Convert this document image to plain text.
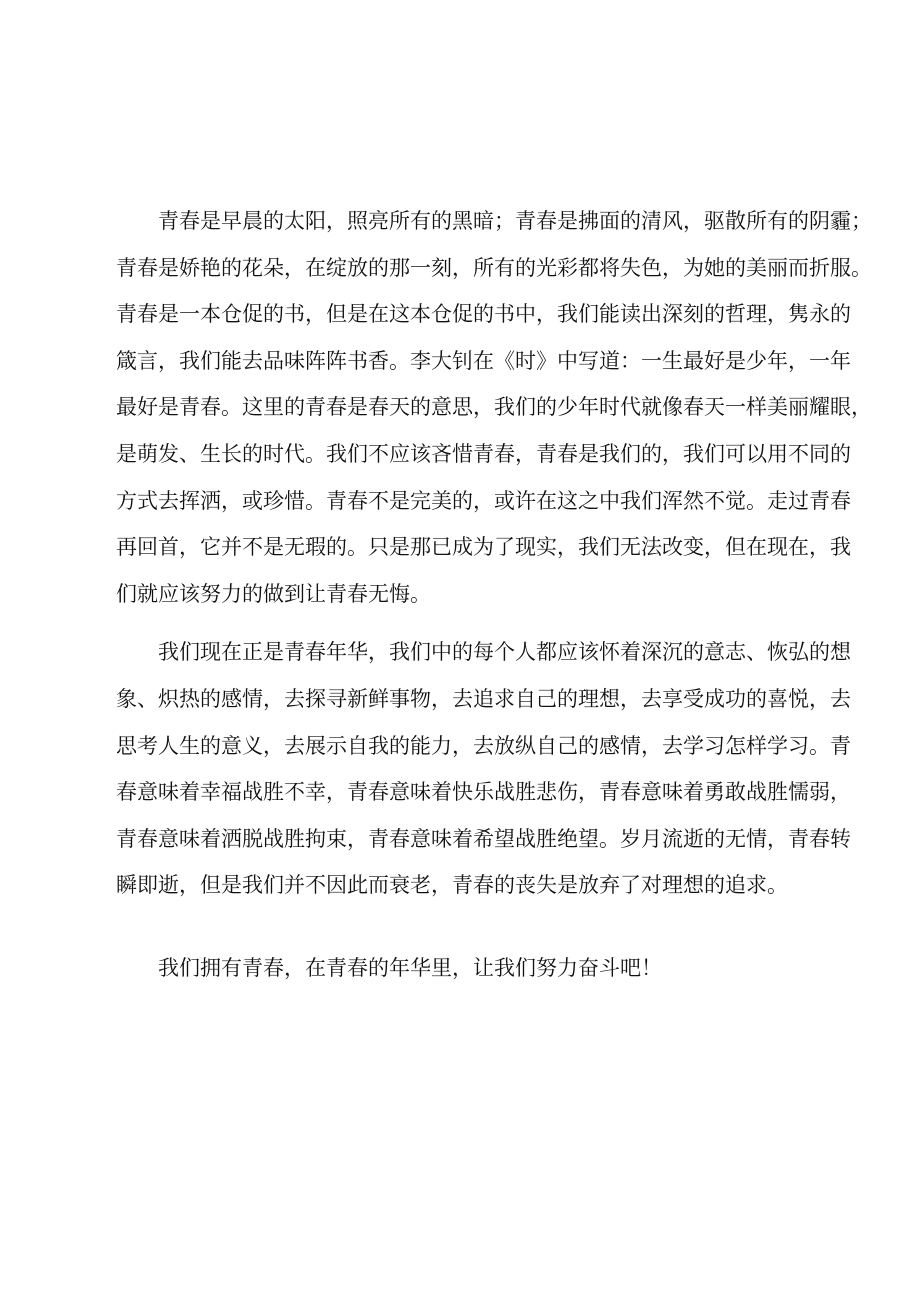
青春是早晨的太阳，照亮所有的黑暗；青春是拂面的清风，驱散所有的阴霾；
青春是娇艳的花朵，在绽放的那一刻，所有的光彩都将失色，为她的美丽而折服。
青春是一本仓促的书，但是在这本仓促的书中，我们能读出深刻的哲理，隽永的
箴言，我们能去品味阵阵书香。李大钊在《时》中写道：一生最好是少年，一年
最好是青春。这里的青春是春天的意思，我们的少年时代就像春天一样美丽耀眼，
是萌发、生长的时代。我们不应该吝惜青春，青春是我们的，我们可以用不同的
方式去挥洒，或珍惜。青春不是完美的，或许在这之中我们浑然不觉。走过青春
再回首，它并不是无瑕的。只是那已成为了现实，我们无法改变，但在现在，我
们就应该努力的做到让青春无悔。
我们现在正是青春年华，我们中的每个人都应该怀着深沉的意志、恢弘的想
象、炽热的感情，去探寻新鲜事物，去追求自己的理想，去享受成功的喜悦，去
思考人生的意义，去展示自我的能力，去放纵自己的感情，去学习怎样学习。青
春意味着幸福战胜不幸，青春意味着快乐战胜悲伤，青春意味着勇敢战胜懦弱，
青春意味着洒脱战胜拘束，青春意味着希望战胜绝望。岁月流逝的无情，青春转
瞬即逝，但是我们并不因此而衰老，青春的丧失是放弃了对理想的追求。
我们拥有青春，在青春的年华里，让我们努力奋斗吧！
